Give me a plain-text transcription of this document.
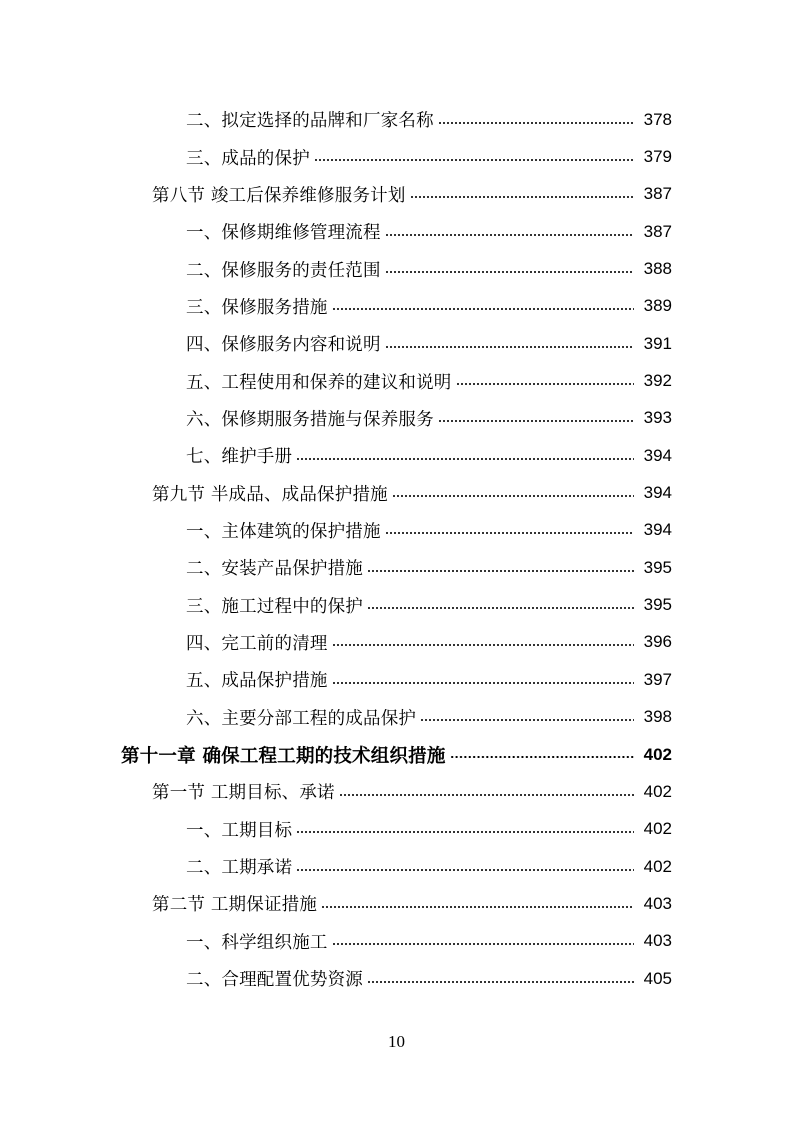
二、拟定选择的品牌和厂家名称	378
三、成品的保护	379
第八节 竣工后保养维修服务计划	387
一、保修期维修管理流程	387
二、保修服务的责任范围	388
三、保修服务措施	389
四、保修服务内容和说明	391
五、工程使用和保养的建议和说明	392
六、保修期服务措施与保养服务	393
七、维护手册	394
第九节 半成品、成品保护措施	394
一、主体建筑的保护措施	394
二、安装产品保护措施	395
三、施工过程中的保护	395
四、完工前的清理	396
五、成品保护措施	397
六、主要分部工程的成品保护	398
第十一章 确保工程工期的技术组织措施	402
第一节 工期目标、承诺	402
一、工期目标	402
二、工期承诺	402
第二节 工期保证措施	403
一、科学组织施工	403
二、合理配置优势资源	405
10
